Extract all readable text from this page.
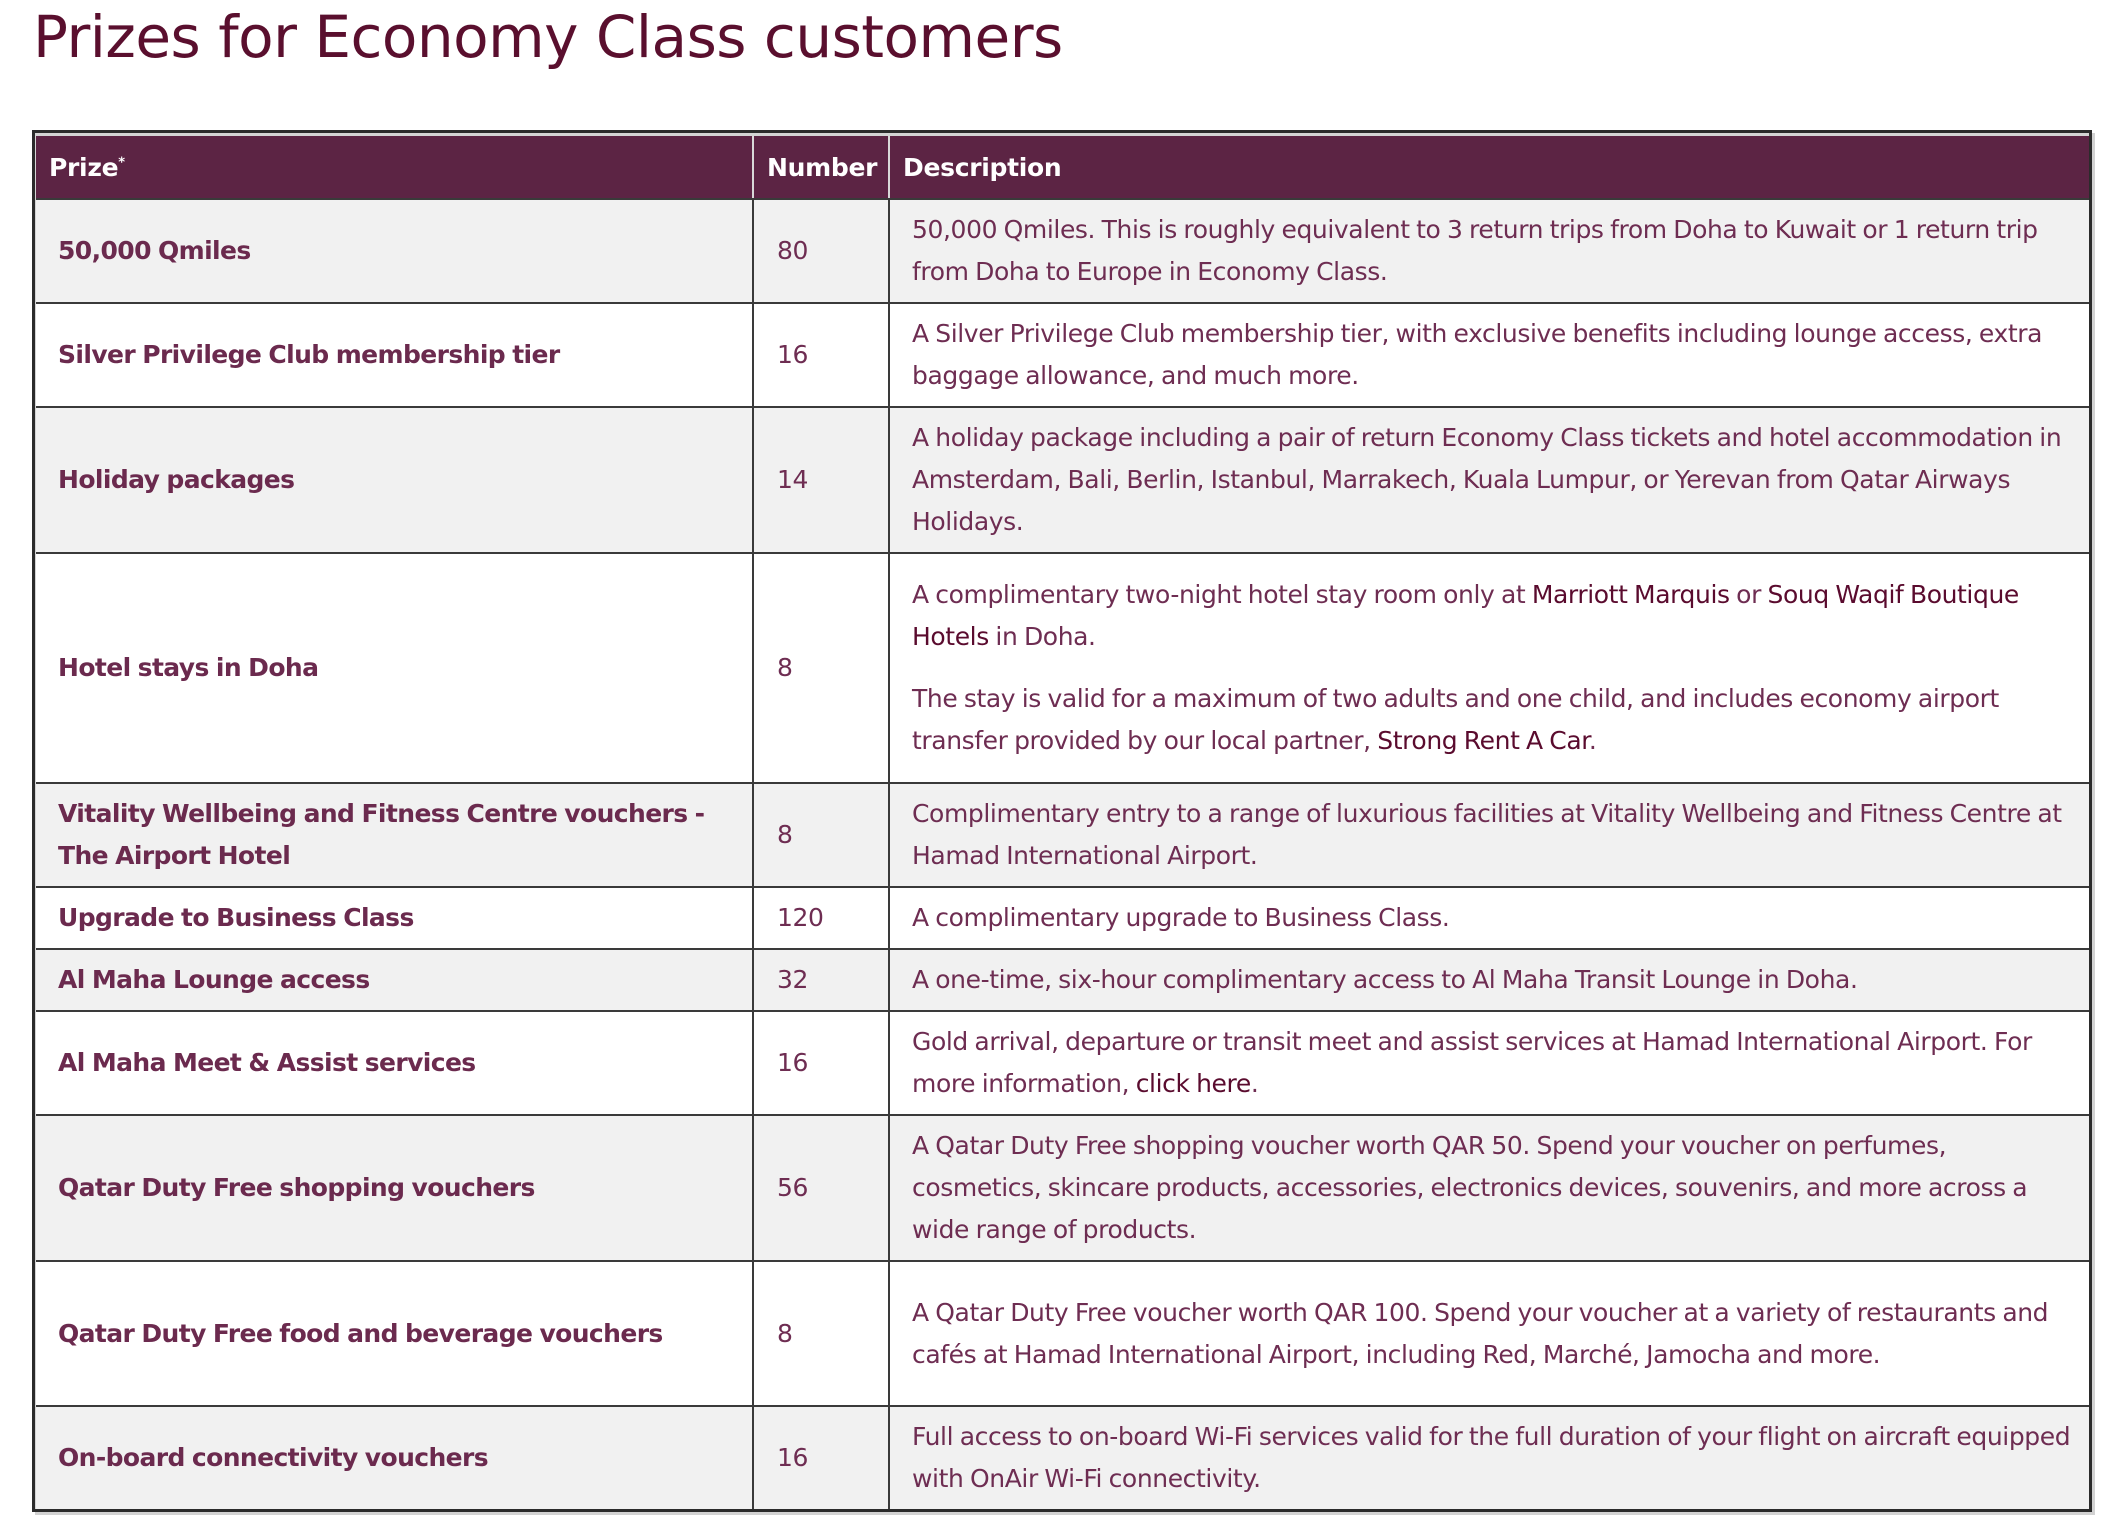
Prizes for Economy Class customers
Prize*	Number	Description
50,000 Qmiles	80	50,000 Qmiles. This is roughly equivalent to 3 return trips from Doha to Kuwait or 1 return trip from Doha to Europe in Economy Class.
Silver Privilege Club membership tier	16	A Silver Privilege Club membership tier, with exclusive benefits including lounge access, extra baggage allowance, and much more.
Holiday packages	14	A holiday package including a pair of return Economy Class tickets and hotel accommodation in Amsterdam, Bali, Berlin, Istanbul, Marrakech, Kuala Lumpur, or Yerevan from Qatar Airways Holidays.
Hotel stays in Doha	8	A complimentary two-night hotel stay room only at Marriott Marquis or Souq Waqif Boutique Hotels in Doha.

The stay is valid for a maximum of two adults and one child, and includes economy airport transfer provided by our local partner, Strong Rent A Car.

Vitality Wellbeing and Fitness Centre vouchers - The Airport Hotel	8	Complimentary entry to a range of luxurious facilities at Vitality Wellbeing and Fitness Centre at Hamad International Airport.
Upgrade to Business Class	120	A complimentary upgrade to Business Class.
Al Maha Lounge access	32	A one-time, six-hour complimentary access to Al Maha Transit Lounge in Doha.
Al Maha Meet & Assist services	16	Gold arrival, departure or transit meet and assist services at Hamad International Airport. For more information, click here.
Qatar Duty Free shopping vouchers	56	A Qatar Duty Free shopping voucher worth QAR 50. Spend your voucher on perfumes, cosmetics, skincare products, accessories, electronics devices, souvenirs, and more across a wide range of products.
Qatar Duty Free food and beverage vouchers	8	A Qatar Duty Free voucher worth QAR 100. Spend your voucher at a variety of restaurants and cafés at Hamad International Airport, including Red, Marché, Jamocha and more.
On-board connectivity vouchers	16	Full access to on-board Wi-Fi services valid for the full duration of your flight on aircraft equipped with OnAir Wi-Fi connectivity.
